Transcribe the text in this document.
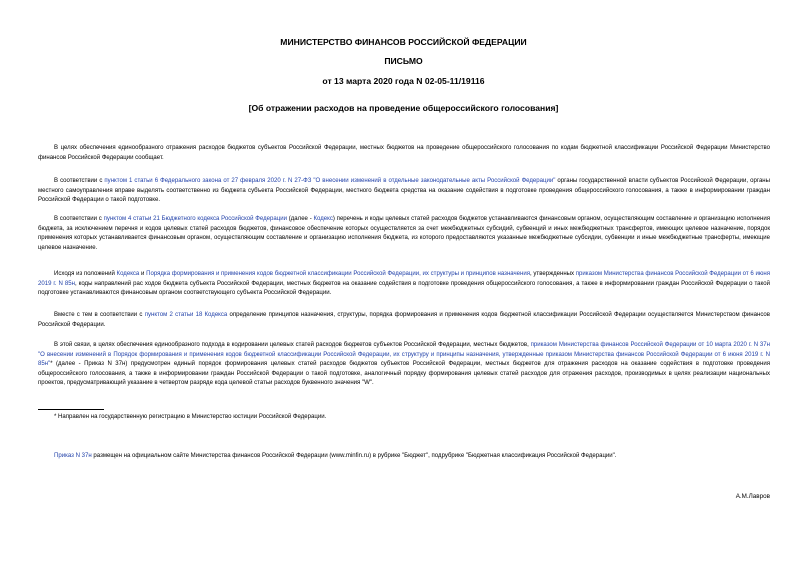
МИНИСТЕРСТВО ФИНАНСОВ РОССИЙСКОЙ ФЕДЕРАЦИИ
ПИСЬМО
от 13 марта 2020 года N 02-05-11/19116
[Об отражении расходов на проведение общероссийского голосования]

В целях обеспечения единообразного отражения расходов бюджетов субъектов Российской Федерации, местных бюджетов на проведение общероссийского голосования по кодам бюджетной классификации Российской Федерации Министерство финансов Российской Федерации сообщает.

В соответствии с пунктом 1 статьи 6 Федерального закона от 27 февраля 2020 г. N 27-ФЗ "О внесении изменений в отдельные законодательные акты Российской Федерации" органы государственной власти субъектов Российской Федерации, органы местного самоуправления вправе выделять соответственно из бюджета субъекта Российской Федерации, местного бюджета средства на оказание содействия в подготовке проведения общероссийского голосования, а также в информировании граждан Российской Федерации о такой подготовке.

В соответствии с пунктом 4 статьи 21 Бюджетного кодекса Российской Федерации (далее - Кодекс) перечень и коды целевых статей расходов бюджетов устанавливаются финансовым органом, осуществляющим составление и организацию исполнения бюджета, за исключением перечня и кодов целевых статей расходов бюджетов, финансовое обеспечение которых осуществляется за счет межбюджетных субсидий, субвенций и иных межбюджетных трансфертов, имеющих целевое назначение, порядок применения которых устанавливается финансовым органом, осуществляющим составление и организацию исполнения бюджета, из которого предоставляются указанные межбюджетные субсидии, субвенции и иные межбюджетные трансферты, имеющие целевое назначение.

Исходя из положений Кодекса и Порядка формирования и применения кодов бюджетной классификации Российской Федерации, их структуры и принципов назначения, утвержденных приказом Министерства финансов Российской Федерации от 6 июня 2019 г. N 85н, коды направлений рас ходов бюджета субъекта Российской Федерации, местных бюджетов на оказание содействия в подготовке проведения общероссийского голосования, а также в информировании граждан Российской Федерации о такой подготовке устанавливаются финансовым органом соответствующего субъекта Российской Федерации.

Вместе с тем в соответствии с пунктом 2 статьи 18 Кодекса определение принципов назначения, структуры, порядка формирования и применения кодов бюджетной классификации Российской Федерации осуществляется Министерством финансов Российской Федерации.

В этой связи, в целях обеспечения единообразного подхода в кодировании целевых статей расходов бюджетов субъектов Российской Федерации, местных бюджетов, приказом Министерства финансов Российской Федерации от 10 марта 2020 г. N 37н "О внесении изменений в Порядок формирования и применения кодов бюджетной классификации Российской Федерации, их структуру и принципы назначения, утвержденные приказом Министерства финансов Российской Федерации от 6 июня 2019 г. N 85н"* (далее - Приказ N 37н) предусмотрен единый порядок формирования целевых статей расходов бюджетов субъектов Российской Федерации, местных бюджетов для отражения расходов на оказание содействия в подготовке проведения общероссийского голосования, а также в информировании граждан Российской Федерации о такой подготовке, аналогичный порядку формирования целевых статей расходов для отражения расходов, производимых в целях реализации национальных проектов, предусматривающий указание в четвертом разряде кода целевой статьи расходов буквенного значения "W".

* Направлен на государственную регистрацию в Министерство юстиции Российской Федерации.
Приказ N 37н размещен на официальном сайте Министерства финансов Российской Федерации (www.minfin.ru) в рубрике "Бюджет", подрубрике "Бюджетная классификация Российской Федерации".
А.М.Лавров
